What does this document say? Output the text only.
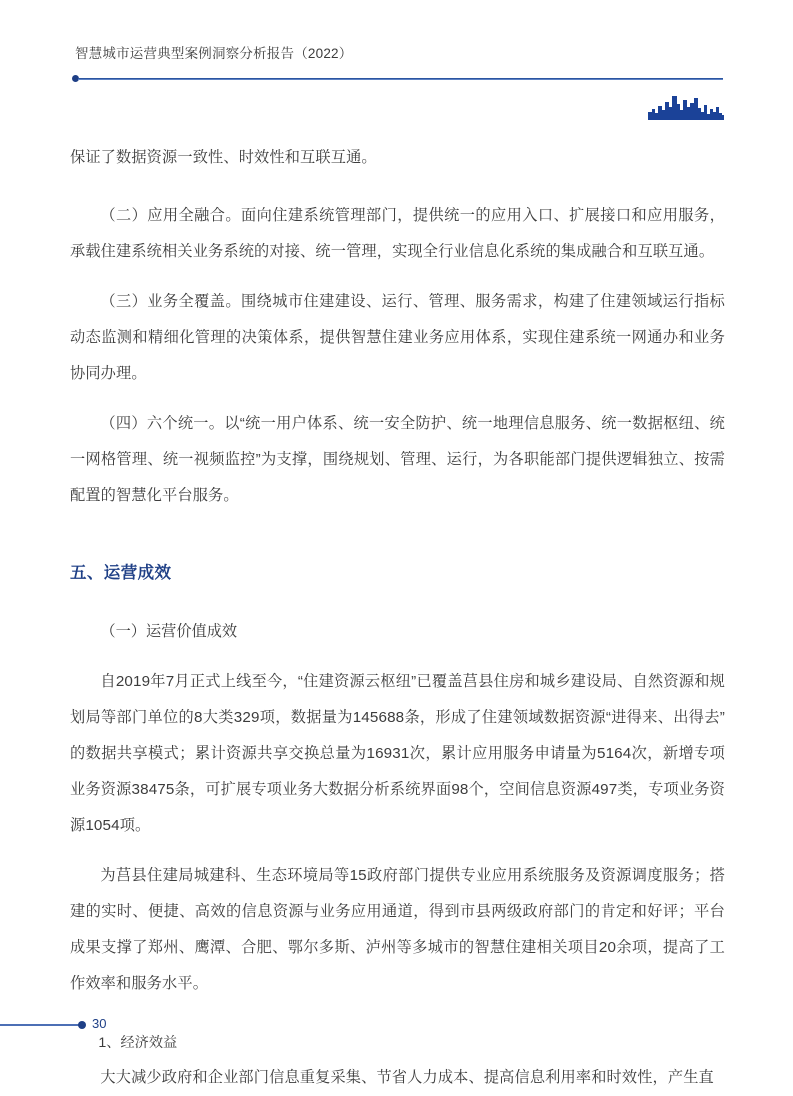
智慧城市运营典型案例洞察分析报告（2022）

保证了数据资源一致性、时效性和互联互通。

（二）应用全融合。面向住建系统管理部门，提供统一的应用入口、扩展接口和应用服务，承载住建系统相关业务系统的对接、统一管理，实现全行业信息化系统的集成融合和互联互通。

（三）业务全覆盖。围绕城市住建建设、运行、管理、服务需求，构建了住建领域运行指标动态监测和精细化管理的决策体系，提供智慧住建业务应用体系，实现住建系统一网通办和业务协同办理。

（四）六个统一。以“统一用户体系、统一安全防护、统一地理信息服务、统一数据枢纽、统一网格管理、统一视频监控”为支撑，围绕规划、管理、运行，为各职能部门提供逻辑独立、按需配置的智慧化平台服务。

五、运营成效

（一）运营价值成效

自2019年7月正式上线至今，“住建资源云枢纽”已覆盖莒县住房和城乡建设局、自然资源和规划局等部门单位的8大类329项，数据量为145688条，形成了住建领域数据资源“进得来、出得去”的数据共享模式；累计资源共享交换总量为16931次，累计应用服务申请量为5164次，新增专项业务资源38475条，可扩展专项业务大数据分析系统界面98个，空间信息资源497类，专项业务资源1054项。

为莒县住建局城建科、生态环境局等15政府部门提供专业应用系统服务及资源调度服务；搭建的实时、便捷、高效的信息资源与业务应用通道，得到市县两级政府部门的肯定和好评；平台成果支撑了郑州、鹰潭、合肥、鄂尔多斯、泸州等多城市的智慧住建相关项目20余项，提高了工作效率和服务水平。

1、经济效益

大大减少政府和企业部门信息重复采集、节省人力成本、提高信息利用率和时效性，产生直

30
